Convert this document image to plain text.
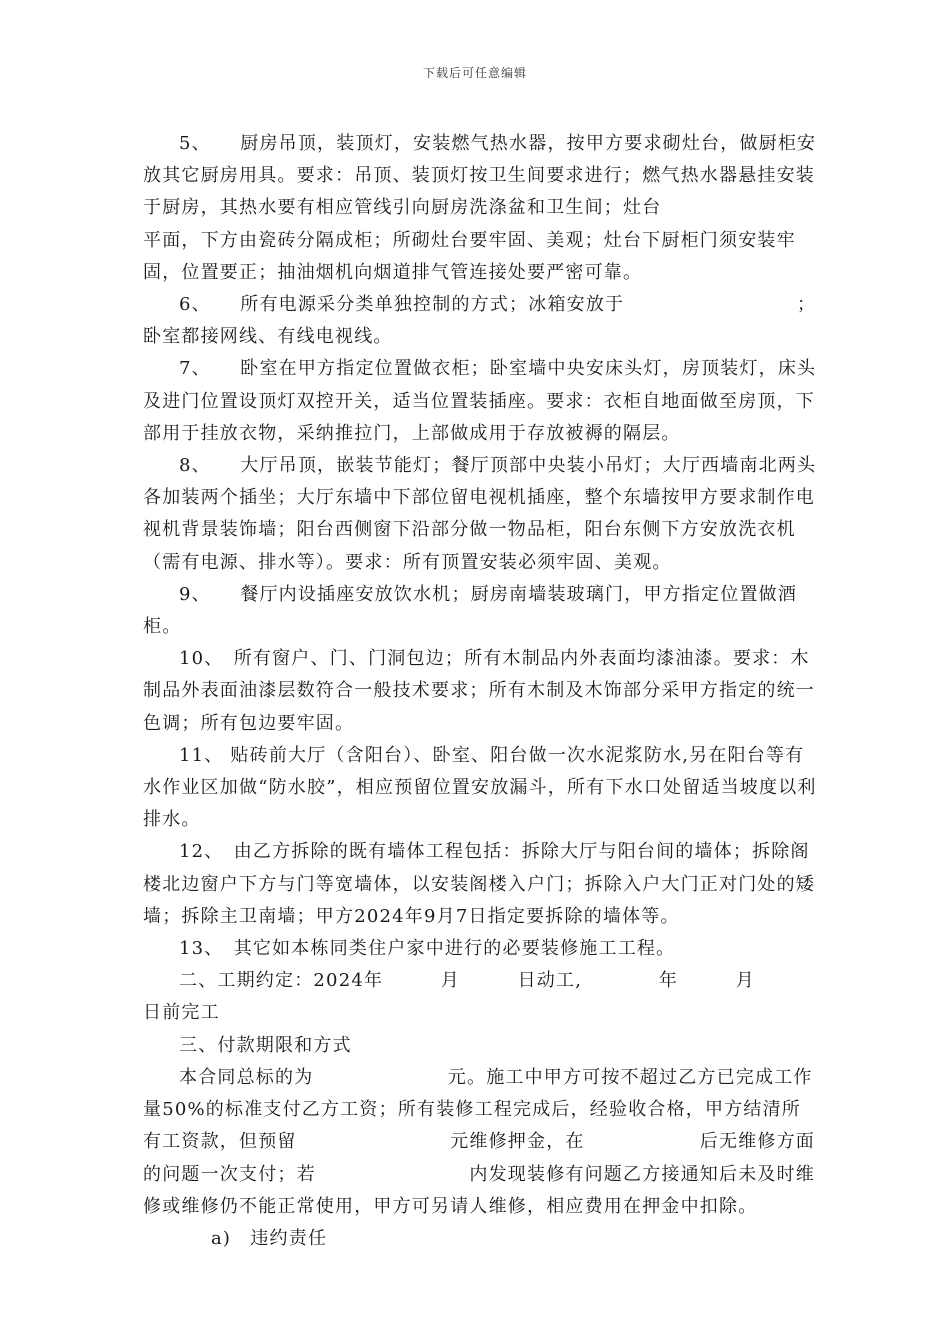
下载后可任意编辑

5、　　厨房吊顶，装顶灯，安装燃气热水器，按甲方要求砌灶台，做厨柜安放其它厨房用具。要求：吊顶、装顶灯按卫生间要求进行；燃气热水器悬挂安装于厨房，其热水要有相应管线引向厨房洗涤盆和卫生间；灶台　　　　　　　　平面，下方由瓷砖分隔成柜；所砌灶台要牢固、美观；灶台下厨柜门须安装牢固，位置要正；抽油烟机向烟道排气管连接处要严密可靠。

6、　　所有电源采分类单独控制的方式；冰箱安放于　　　　　　　　　；卧室都接网线、有线电视线。

7、　　卧室在甲方指定位置做衣柜；卧室墙中央安床头灯，房顶装灯，床头及进门位置设顶灯双控开关，适当位置装插座。要求：衣柜自地面做至房顶，下部用于挂放衣物，采纳推拉门，上部做成用于存放被褥的隔层。

8、　　大厅吊顶，嵌装节能灯；餐厅顶部中央装小吊灯；大厅西墙南北两头各加装两个插坐；大厅东墙中下部位留电视机插座，整个东墙按甲方要求制作电视机背景装饰墙；阳台西侧窗下沿部分做一物品柜，阳台东侧下方安放洗衣机（需有电源、排水等）。要求：所有顶置安装必须牢固、美观。

9、　　餐厅内设插座安放饮水机；厨房南墙装玻璃门，甲方指定位置做酒柜。

10、　所有窗户、门、门洞包边；所有木制品内外表面均漆油漆。要求：木制品外表面油漆层数符合一般技术要求；所有木制及木饰部分采甲方指定的统一色调；所有包边要牢固。

11、 贴砖前大厅（含阳台）、卧室、阳台做一次水泥浆防水,另在阳台等有水作业区加做“防水胶”，相应预留位置安放漏斗，所有下水口处留适当坡度以利排水。

12、　由乙方拆除的既有墙体工程包括：拆除大厅与阳台间的墙体；拆除阁楼北边窗户下方与门等宽墙体，以安装阁楼入户门；拆除入户大门正对门处的矮墙；拆除主卫南墙；甲方2024年9月7日指定要拆除的墙体等。

13、　其它如本栋同类住户家中进行的必要装修施工工程。

二、工期约定：2024年　　　月　　　日动工,　　　　年　　　月　　　　日前完工

三、付款期限和方式

本合同总标的为　　　　　　　元。施工中甲方可按不超过乙方已完成工作量50%的标准支付乙方工资；所有装修工程完成后，经验收合格，甲方结清所有工资款，但预留　　　　　　　　元维修押金，在　　　　　　后无维修方面的问题一次支付；若　　　　　　　　内发现装修有问题乙方接通知后未及时维修或维修仍不能正常使用，甲方可另请人维修，相应费用在押金中扣除。

a)　违约责任
